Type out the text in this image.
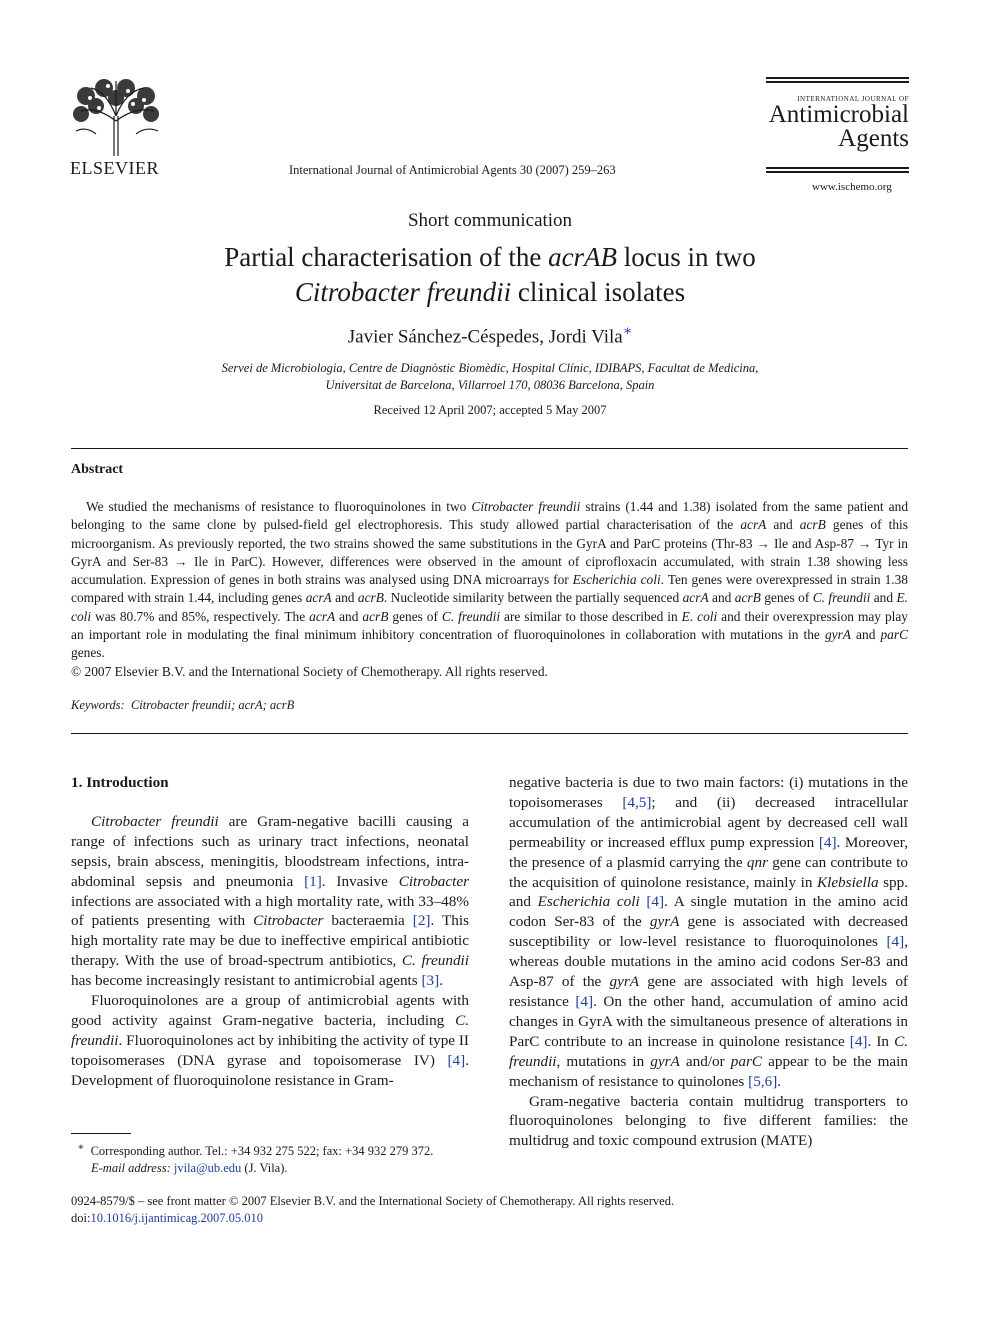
ELSEVIER	International Journal of Antimicrobial Agents 30 (2007) 259–263
INTERNATIONAL JOURNAL OF
Antimicrobial
Agents
www.ischemo.org
Short communication
Partial characterisation of the acrAB locus in two
Citrobacter freundii clinical isolates
Javier Sánchez-Céspedes, Jordi Vila∗
Servei de Microbiologia, Centre de Diagnòstic Biomèdic, Hospital Clínic, IDIBAPS, Facultat de Medicina,
Universitat de Barcelona, Villarroel 170, 08036 Barcelona, Spain
Received 12 April 2007; accepted 5 May 2007
Abstract

We studied the mechanisms of resistance to fluoroquinolones in two Citrobacter freundii strains (1.44 and 1.38) isolated from the same patient and belonging to the same clone by pulsed-field gel electrophoresis. This study allowed partial characterisation of the acrA and acrB genes of this microorganism. As previously reported, the two strains showed the same substitutions in the GyrA and ParC proteins (Thr-83 → Ile and Asp-87 → Tyr in GyrA and Ser-83 → Ile in ParC). However, differences were observed in the amount of ciprofloxacin accumulated, with strain 1.38 showing less accumulation. Expression of genes in both strains was analysed using DNA microarrays for Escherichia coli. Ten genes were overexpressed in strain 1.38 compared with strain 1.44, including genes acrA and acrB. Nucleotide similarity between the partially sequenced acrA and acrB genes of C. freundii and E. coli was 80.7% and 85%, respectively. The acrA and acrB genes of C. freundii are similar to those described in E. coli and their overexpression may play an important role in modulating the final minimum inhibitory concentration of fluoroquinolones in collaboration with mutations in the gyrA and parC genes.

© 2007 Elsevier B.V. and the International Society of Chemotherapy. All rights reserved.

Keywords: Citrobacter freundii; acrA; acrB

1. Introduction

Citrobacter freundii are Gram-negative bacilli causing a range of infections such as urinary tract infections, neonatal sepsis, brain abscess, meningitis, bloodstream infections, intra-abdominal sepsis and pneumonia [1]. Invasive Citrobacter infections are associated with a high mortality rate, with 33–48% of patients presenting with Citrobacter bacteraemia [2]. This high mortality rate may be due to ineffective empirical antibiotic therapy. With the use of broad-spectrum antibiotics, C. freundii has become increasingly resistant to antimicrobial agents [3].

Fluoroquinolones are a group of antimicrobial agents with good activity against Gram-negative bacteria, including C. freundii. Fluoroquinolones act by inhibiting the activity of type II topoisomerases (DNA gyrase and topoisomerase IV) [4]. Development of fluoroquinolone resistance in Gram-

negative bacteria is due to two main factors: (i) mutations in the topoisomerases [4,5]; and (ii) decreased intracellular accumulation of the antimicrobial agent by decreased cell wall permeability or increased efflux pump expression [4]. Moreover, the presence of a plasmid carrying the qnr gene can contribute to the acquisition of quinolone resistance, mainly in Klebsiella spp. and Escherichia coli [4]. A single mutation in the amino acid codon Ser-83 of the gyrA gene is associated with decreased susceptibility or low-level resistance to fluoroquinolones [4], whereas double mutations in the amino acid codons Ser-83 and Asp-87 of the gyrA gene are associated with high levels of resistance [4]. On the other hand, accumulation of amino acid changes in GyrA with the simultaneous presence of alterations in ParC contribute to an increase in quinolone resistance [4]. In C. freundii, mutations in gyrA and/or parC appear to be the main mechanism of resistance to quinolones [5,6].

Gram-negative bacteria contain multidrug transporters to fluoroquinolones belonging to five different families: the multidrug and toxic compound extrusion (MATE)

∗ Corresponding author. Tel.: +34 932 275 522; fax: +34 932 279 372.
E-mail address: jvila@ub.edu (J. Vila).
0924-8579/$ – see front matter © 2007 Elsevier B.V. and the International Society of Chemotherapy. All rights reserved.
doi:10.1016/j.ijantimicag.2007.05.010
